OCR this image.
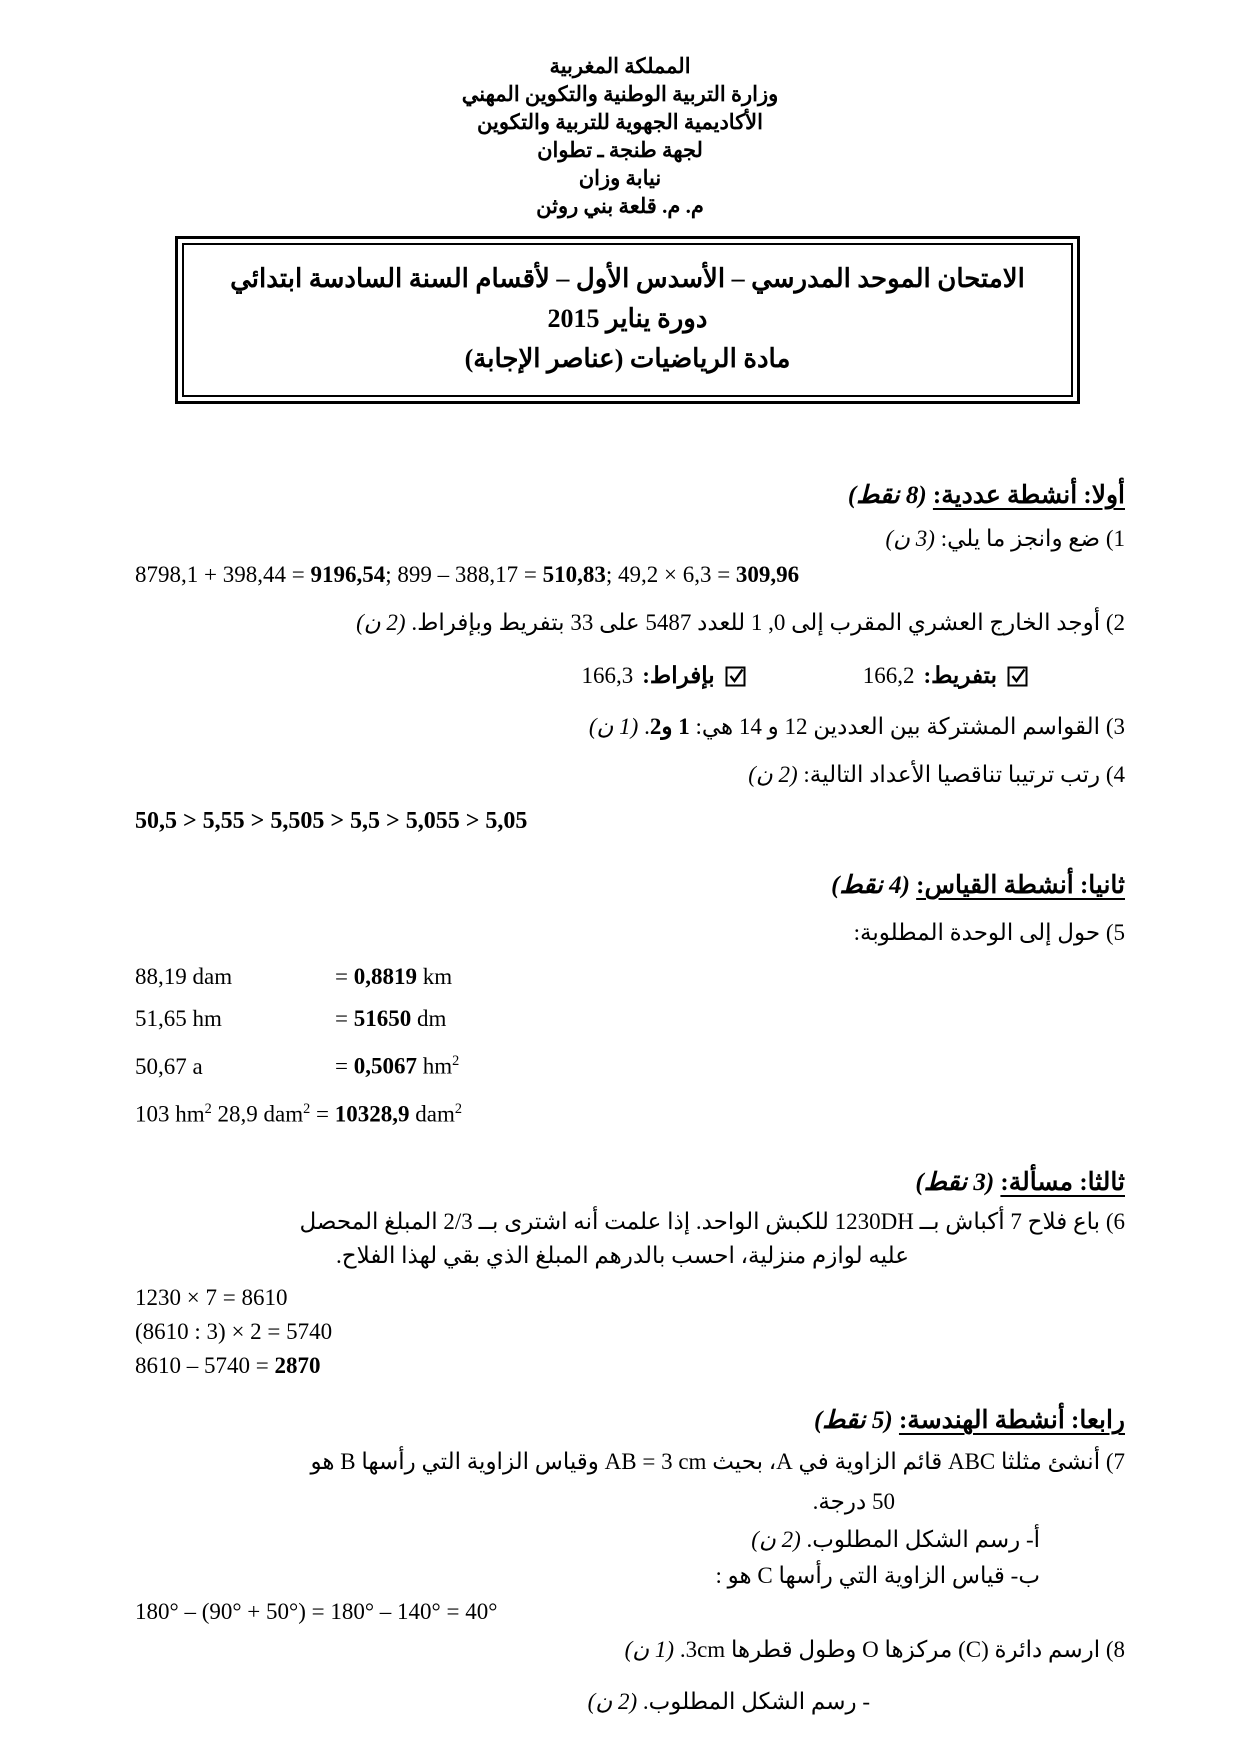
المملكة المغربية
وزارة التربية الوطنية والتكوين المهني
الأكاديمية الجهوية للتربية والتكوين
لجهة طنجة ـ تطوان
نيابة وزان
م. م. قلعة بني روثن
الامتحان الموحد المدرسي – الأسدس الأول – لأقسام السنة السادسة ابتدائي
دورة يناير 2015
مادة الرياضيات (عناصر الإجابة)
أولا: أنشطة عددية: (8 نقط)

1) ضع وانجز ما يلي: (3 ن)

8798,1 + 398,44 = 9196,54; 899 – 388,17 = 510,83; 49,2 × 6,3 = 309,96

2) أوجد الخارج العشري المقرب إلى 0, 1 للعدد 5487 على 33 بتفريط وبإفراط. (2 ن)

بتفريط:
166,2
بإفراط:
166,3

3) القواسم المشتركة بين العددين 12 و 14 هي: 1 و2. (1 ن)

4) رتب ترتيبا تناقصيا الأعداد التالية: (2 ن)

50,5 > 5,55 > 5,505 > 5,5 > 5,055 > 5,05

ثانيا: أنشطة القياس: (4 نقط)

5) حول إلى الوحدة المطلوبة:

88,19 dam	= 0,8819 km
51,65 hm	= 51650 dm
50,67 a	= 0,5067 $hm^2$
103 $hm^2$ 28,9 dam$^2$ = 10328,9 dam$^2$
ثالثا: مسألة: (3 نقط)

6) باع فلاح 7 أكباش بــ 1230DH للكبش الواحد. إذا علمت أنه اشترى بــ 2/3 المبلغ المحصل

عليه لوازم منزلية، احسب بالدرهم المبلغ الذي بقي لهذا الفلاح.

1230 × 7 = 8610

(8610 : 3) × 2 = 5740

8610 – 5740 = 2870

رابعا: أنشطة الهندسة: (5 نقط)

7) أنشئ مثلثا ABC قائم الزاوية في A، بحيث AB = 3 cm وقياس الزاوية التي رأسها B هو

50 درجة.

أ- رسم الشكل المطلوب. (2 ن)

ب- قياس الزاوية التي رأسها C هو :

180° – (90° + 50°) = 180° – 140° = 40°

8) ارسم دائرة (C) مركزها O وطول قطرها 3cm. (1 ن)

- رسم الشكل المطلوب. (2 ن)
